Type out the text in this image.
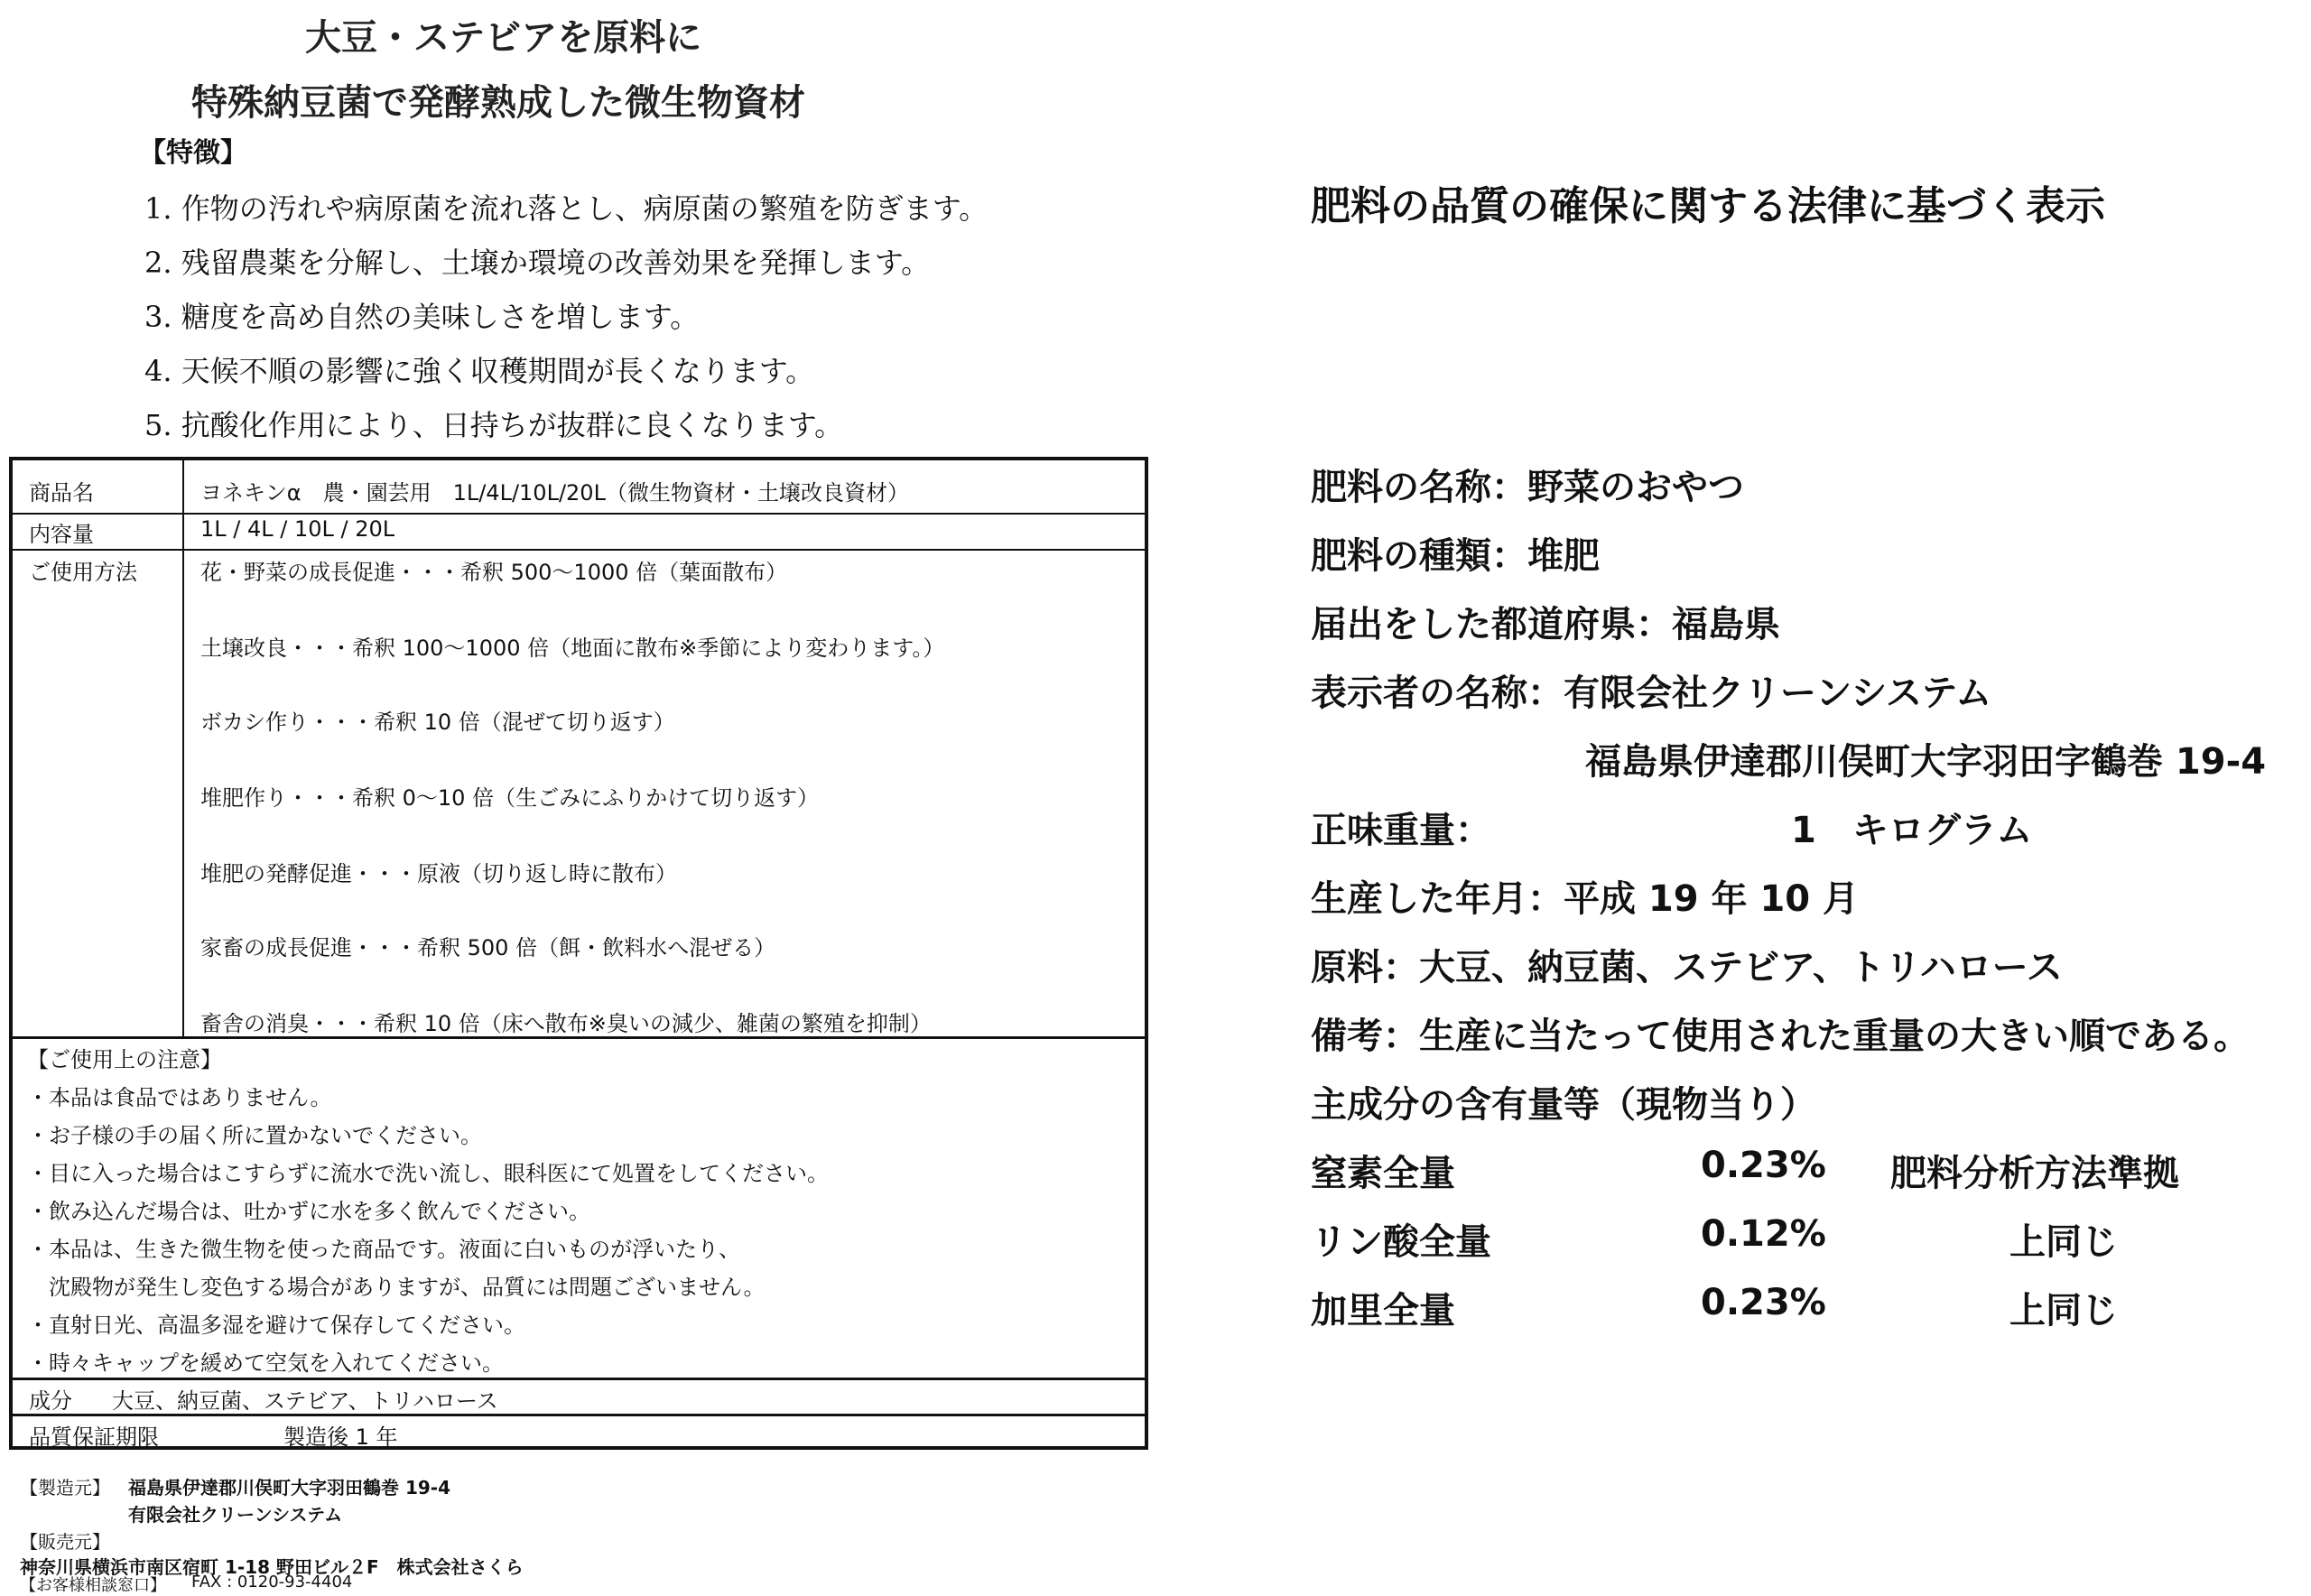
大豆・ステビアを原料に
特殊納豆菌で発酵熟成した微生物資材
【特徴】
1. 作物の汚れや病原菌を流れ落とし、病原菌の繁殖を防ぎます。
2. 残留農薬を分解し、土壌か環境の改善効果を発揮します。
3. 糖度を高め自然の美味しさを増します。
4. 天候不順の影響に強く収穫期間が長くなります。
5. 抗酸化作用により、日持ちが抜群に良くなります。
商品名	ヨネキンα　農・園芸用　1L/4L/10L/20L（微生物資材・土壌改良資材）
内容量	1L / 4L / 10L / 20L
ご使用方法	花・野菜の成長促進・・・希釈 500〜1000 倍（葉面散布）
土壌改良・・・希釈 100〜1000 倍（地面に散布※季節により変わります。）
ボカシ作り・・・希釈 10 倍（混ぜて切り返す）
堆肥作り・・・希釈 0〜10 倍（生ごみにふりかけて切り返す）
堆肥の発酵促進・・・原液（切り返し時に散布）
家畜の成長促進・・・希釈 500 倍（餌・飲料水へ混ぜる）
畜舎の消臭・・・希釈 10 倍（床へ散布※臭いの減少、雑菌の繁殖を抑制）
【ご使用上の注意】
・本品は食品ではありません。
・お子様の手の届く所に置かないでください。
・目に入った場合はこすらずに流水で洗い流し、眼科医にて処置をしてください。
・飲み込んだ場合は、吐かずに水を多く飲んでください。
・本品は、生きた微生物を使った商品です。液面に白いものが浮いたり、
　沈殿物が発生し変色する場合がありますが、品質には問題ございません。
・直射日光、高温多湿を避けて保存してください。
・時々キャップを緩めて空気を入れてください。
成分 大豆、納豆菌、ステビア、トリハロース
品質保証期限	製造後 1 年
【製造元】 福島県伊達郡川俣町大字羽田鶴巻 19-4
有限会社クリーンシステム
【販売元】
神奈川県横浜市南区宿町 1-18 野田ビル２F　株式会社さくら
【お客様相談窓口】 FAX : 0120-93-4404
肥料の品質の確保に関する法律に基づく表示
肥料の名称：野菜のおやつ
肥料の種類：堆肥
届出をした都道府県：福島県
表示者の名称：有限会社クリーンシステム
福島県伊達郡川俣町大字羽田字鶴巻 19-4
正味重量：	1　キログラム
生産した年月：平成 19 年 10 月
原料：大豆、納豆菌、ステビア、トリハロース
備考：生産に当たって使用された重量の大きい順である。
主成分の含有量等（現物当り）
窒素全量	0.23% 肥料分析方法準拠
リン酸全量	0.12%	上同じ
加里全量	0.23%	上同じ
